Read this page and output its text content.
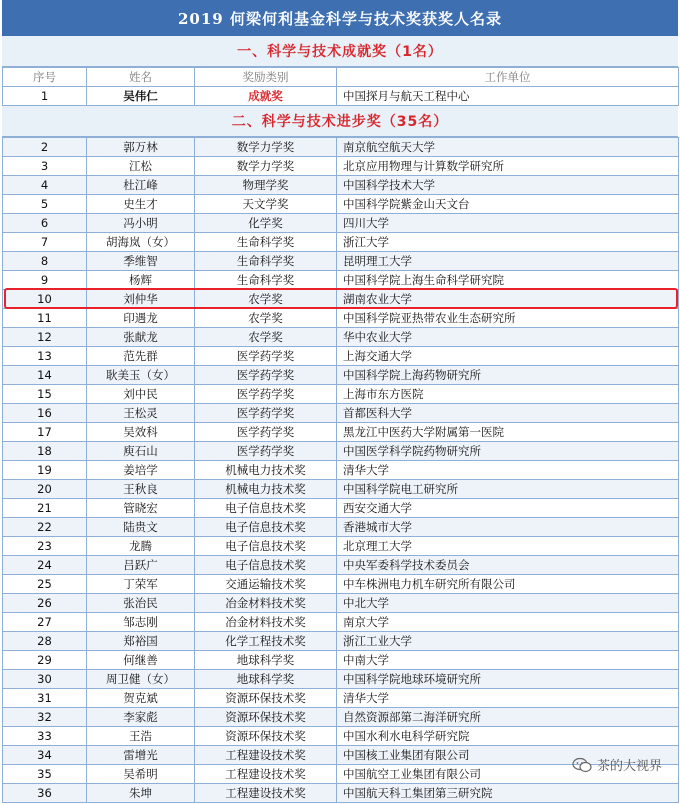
2019 何梁何利基金科学与技术奖获奖人名录
一、科学与技术成就奖（1名）
序号	姓名	奖励类别	工作单位
1	吴伟仁	成就奖	中国探月与航天工程中心
二、科学与技术进步奖（35名）
2	郭万林	数学力学奖	南京航空航天大学
3	江松	数学力学奖	北京应用物理与计算数学研究所
4	杜江峰	物理学奖	中国科学技术大学
5	史生才	天文学奖	中国科学院紫金山天文台
6	冯小明	化学奖	四川大学
7	胡海岚（女）	生命科学奖	浙江大学
8	季维智	生命科学奖	昆明理工大学
9	杨辉	生命科学奖	中国科学院上海生命科学研究院
10	刘仲华	农学奖	湖南农业大学
11	印遇龙	农学奖	中国科学院亚热带农业生态研究所
12	张献龙	农学奖	华中农业大学
13	范先群	医学药学奖	上海交通大学
14	耿美玉（女）	医学药学奖	中国科学院上海药物研究所
15	刘中民	医学药学奖	上海市东方医院
16	王松灵	医学药学奖	首都医科大学
17	吴效科	医学药学奖	黑龙江中医药大学附属第一医院
18	庾石山	医学药学奖	中国医学科学院药物研究所
19	姜培学	机械电力技术奖	清华大学
20	王秋良	机械电力技术奖	中国科学院电工研究所
21	管晓宏	电子信息技术奖	西安交通大学
22	陆贵文	电子信息技术奖	香港城市大学
23	龙腾	电子信息技术奖	北京理工大学
24	吕跃广	电子信息技术奖	中央军委科学技术委员会
25	丁荣军	交通运输技术奖	中车株洲电力机车研究所有限公司
26	张治民	冶金材料技术奖	中北大学
27	邹志刚	冶金材料技术奖	南京大学
28	郑裕国	化学工程技术奖	浙江工业大学
29	何继善	地球科学奖	中南大学
30	周卫健（女）	地球科学奖	中国科学院地球环境研究所
31	贺克斌	资源环保技术奖	清华大学
32	李家彪	资源环保技术奖	自然资源部第二海洋研究所
33	王浩	资源环保技术奖	中国水利水电科学研究院
34	雷增光	工程建设技术奖	中国核工业集团有限公司
35	吴希明	工程建设技术奖	中国航空工业集团有限公司
36	朱坤	工程建设技术奖	中国航天科工集团第三研究院
茶的大视界
